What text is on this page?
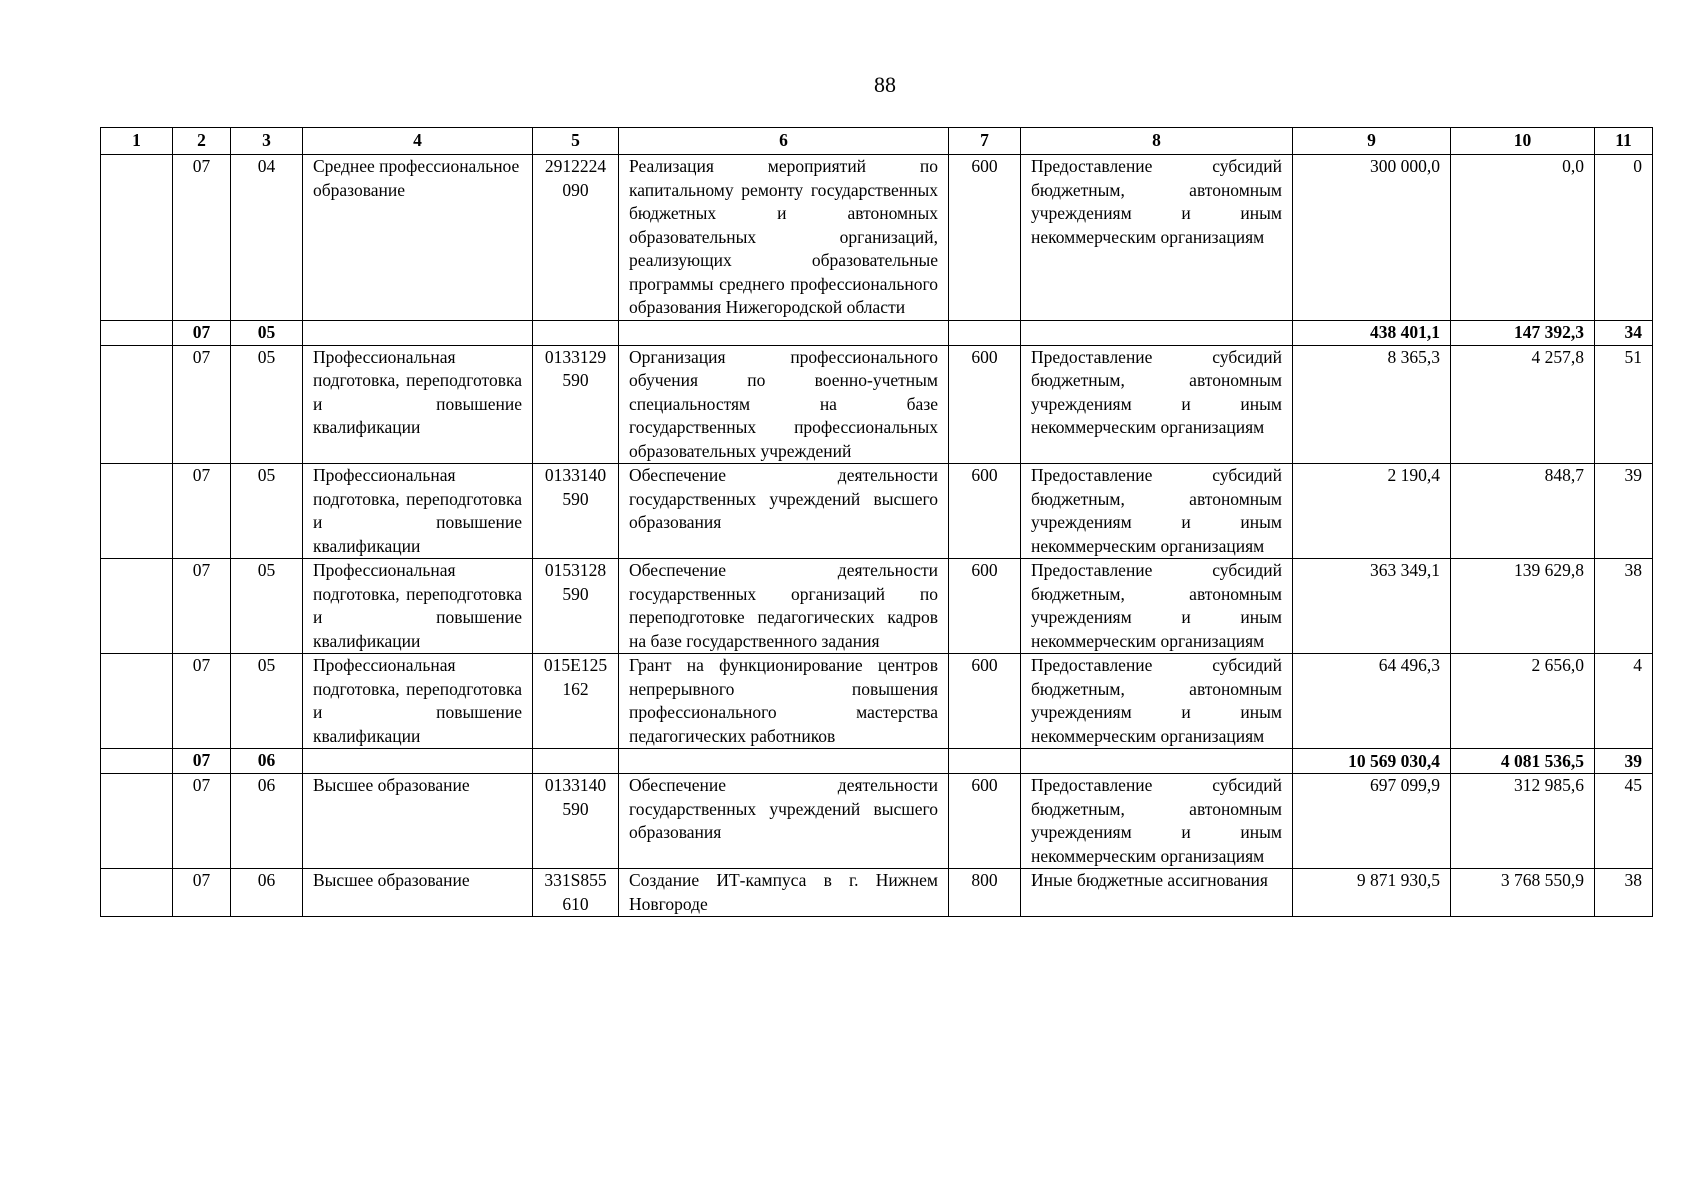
88
1	2	3	4	5	6	7	8	9	10	11
	07	04	Среднее профессиональное образование	2912224090	Реализация мероприятий по капитальному ремонту государственных бюджетных и автономных образовательных организаций, реализующих образовательные программы среднего профессионального образования Нижегородской области	600	Предоставление субсидий бюджетным, автономным учреждениям и иным некоммерческим организациям	300 000,0	0,0	0
	07	05						438 401,1	147 392,3	34
	07	05	Профессиональная подготовка, переподготовка и повышение квалификации	0133129590	Организация профессионального обучения по военно-учетным специальностям на базе государственных профессиональных образовательных учреждений	600	Предоставление субсидий бюджетным, автономным учреждениям и иным некоммерческим организациям	8 365,3	4 257,8	51
	07	05	Профессиональная подготовка, переподготовка и повышение квалификации	0133140590	Обеспечение деятельности государственных учреждений высшего образования	600	Предоставление субсидий бюджетным, автономным учреждениям и иным некоммерческим организациям	2 190,4	848,7	39
	07	05	Профессиональная подготовка, переподготовка и повышение квалификации	0153128590	Обеспечение деятельности государственных организаций по переподготовке педагогических кадров на базе государственного задания	600	Предоставление субсидий бюджетным, автономным учреждениям и иным некоммерческим организациям	363 349,1	139 629,8	38
	07	05	Профессиональная подготовка, переподготовка и повышение квалификации	015E125162	Грант на функционирование центров непрерывного повышения профессионального мастерства педагогических работников	600	Предоставление субсидий бюджетным, автономным учреждениям и иным некоммерческим организациям	64 496,3	2 656,0	4
	07	06						10 569 030,4	4 081 536,5	39
	07	06	Высшее образование	0133140590	Обеспечение деятельности государственных учреждений высшего образования	600	Предоставление субсидий бюджетным, автономным учреждениям и иным некоммерческим организациям	697 099,9	312 985,6	45
	07	06	Высшее образование	331S855610	Создание ИТ-кампуса в г. Нижнем Новгороде	800	Иные бюджетные ассигнования	9 871 930,5	3 768 550,9	38
